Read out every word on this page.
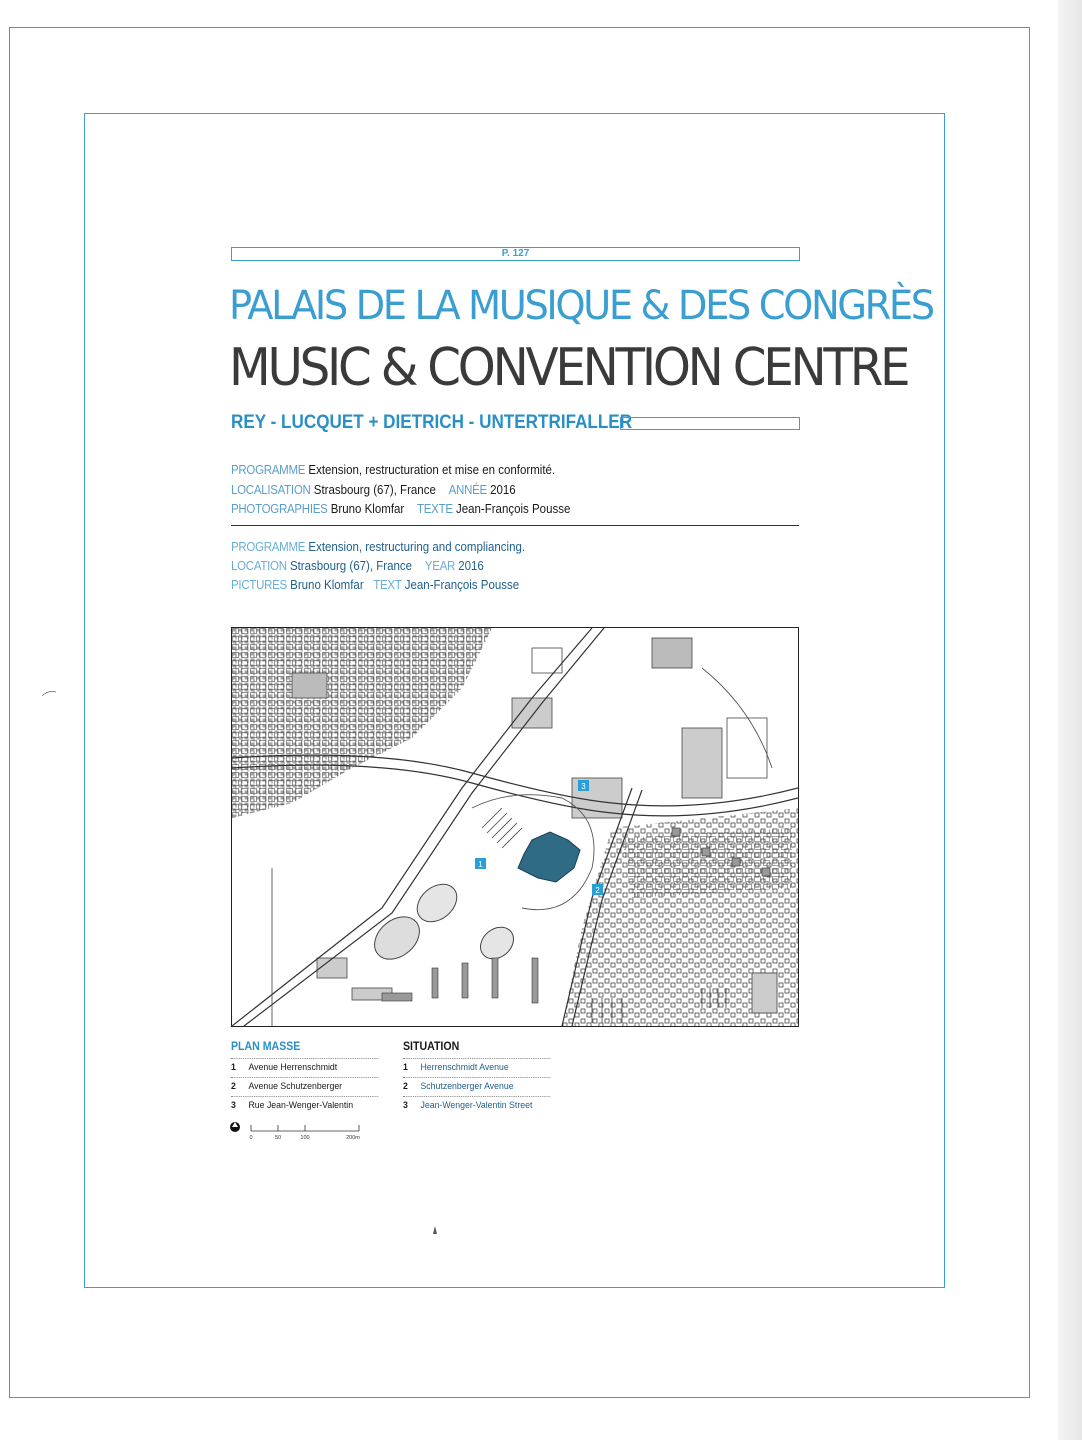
P. 127
PALAIS DE LA MUSIQUE & DES CONGRÈS
MUSIC & CONVENTION CENTRE
REY - LUCQUET + DIETRICH - UNTERTRIFALLER
PROGRAMME Extension, restructuration et mise en conformité.
LOCALISATION Strasbourg (67), France ANNÉE 2016
PHOTOGRAPHIES Bruno Klomfar TEXTE Jean-François Pousse
PROGRAMME Extension, restructuring and compliancing.
LOCATION Strasbourg (67), France YEAR 2016
PICTURES Bruno Klomfar TEXT Jean-François Pousse
1
2
3
PLAN MASSE
1 Avenue Herrenschmidt
2 Avenue Schutzenberger
3 Rue Jean-Wenger-Valentin
SITUATION
1 Herrenschmidt Avenue
2 Schutzenberger Avenue
3 Jean-Wenger-Valentin Street
0	50	100	200m
